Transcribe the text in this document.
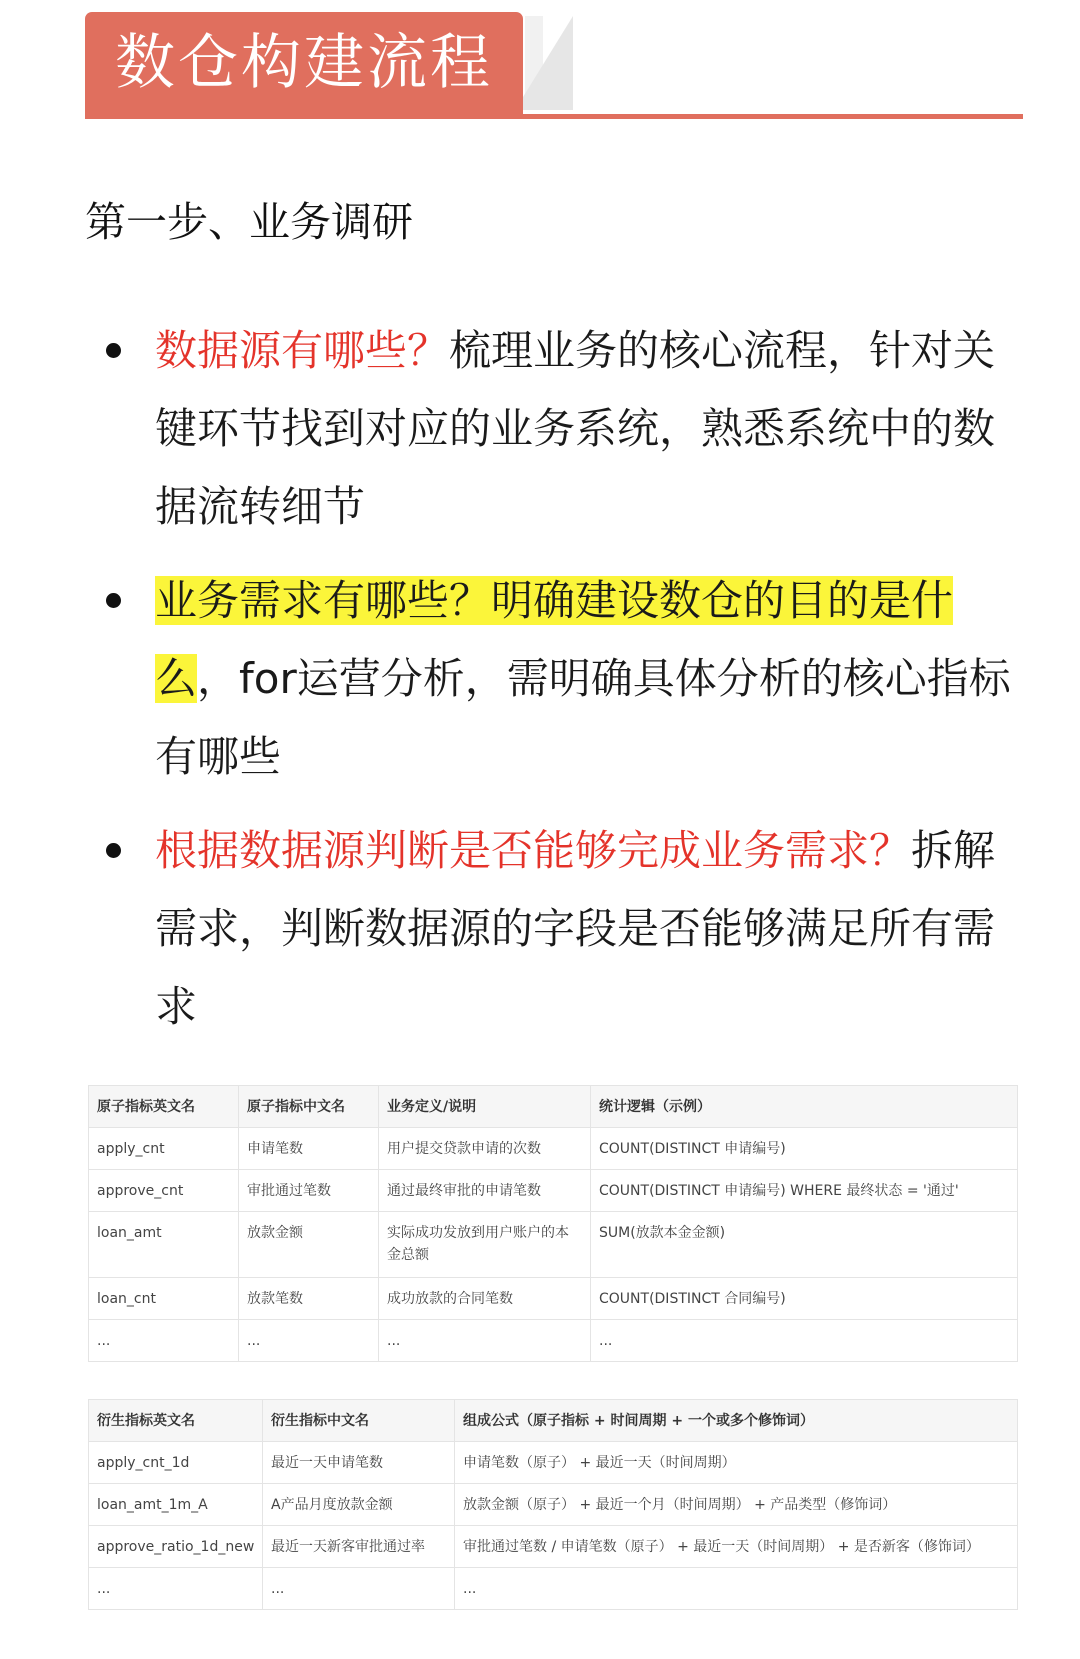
数仓构建流程
第一步、业务调研
数据源有哪些？梳理业务的核心流程，针对关键环节找到对应的业务系统，熟悉系统中的数据流转细节
业务需求有哪些？明确建设数仓的目的是什么，for运营分析，需明确具体分析的核心指标有哪些
根据数据源判断是否能够完成业务需求？拆解需求，判断数据源的字段是否能够满足所有需求
原子指标英文名	原子指标中文名	业务定义/说明	统计逻辑（示例）

apply_cnt	申请笔数	用户提交贷款申请的次数	COUNT(DISTINCT 申请编号)

approve_cnt	审批通过笔数	通过最终审批的申请笔数	COUNT(DISTINCT 申请编号) WHERE 最终状态 = '通过'

loan_amt	放款金额	实际成功发放到用户账户的本金总额	SUM(放款本金金额)

loan_cnt	放款笔数	成功放款的合同笔数	COUNT(DISTINCT 合同编号)

...	...	...	...
衍生指标英文名	衍生指标中文名	组成公式（原子指标 + 时间周期 + 一个或多个修饰词）

apply_cnt_1d	最近一天申请笔数	申请笔数（原子） + 最近一天（时间周期）

loan_amt_1m_A	A产品月度放款金额	放款金额（原子） + 最近一个月（时间周期） + 产品类型（修饰词）

approve_ratio_1d_new	最近一天新客审批通过率	审批通过笔数 / 申请笔数（原子） + 最近一天（时间周期） + 是否新客（修饰词）

...	...	...
